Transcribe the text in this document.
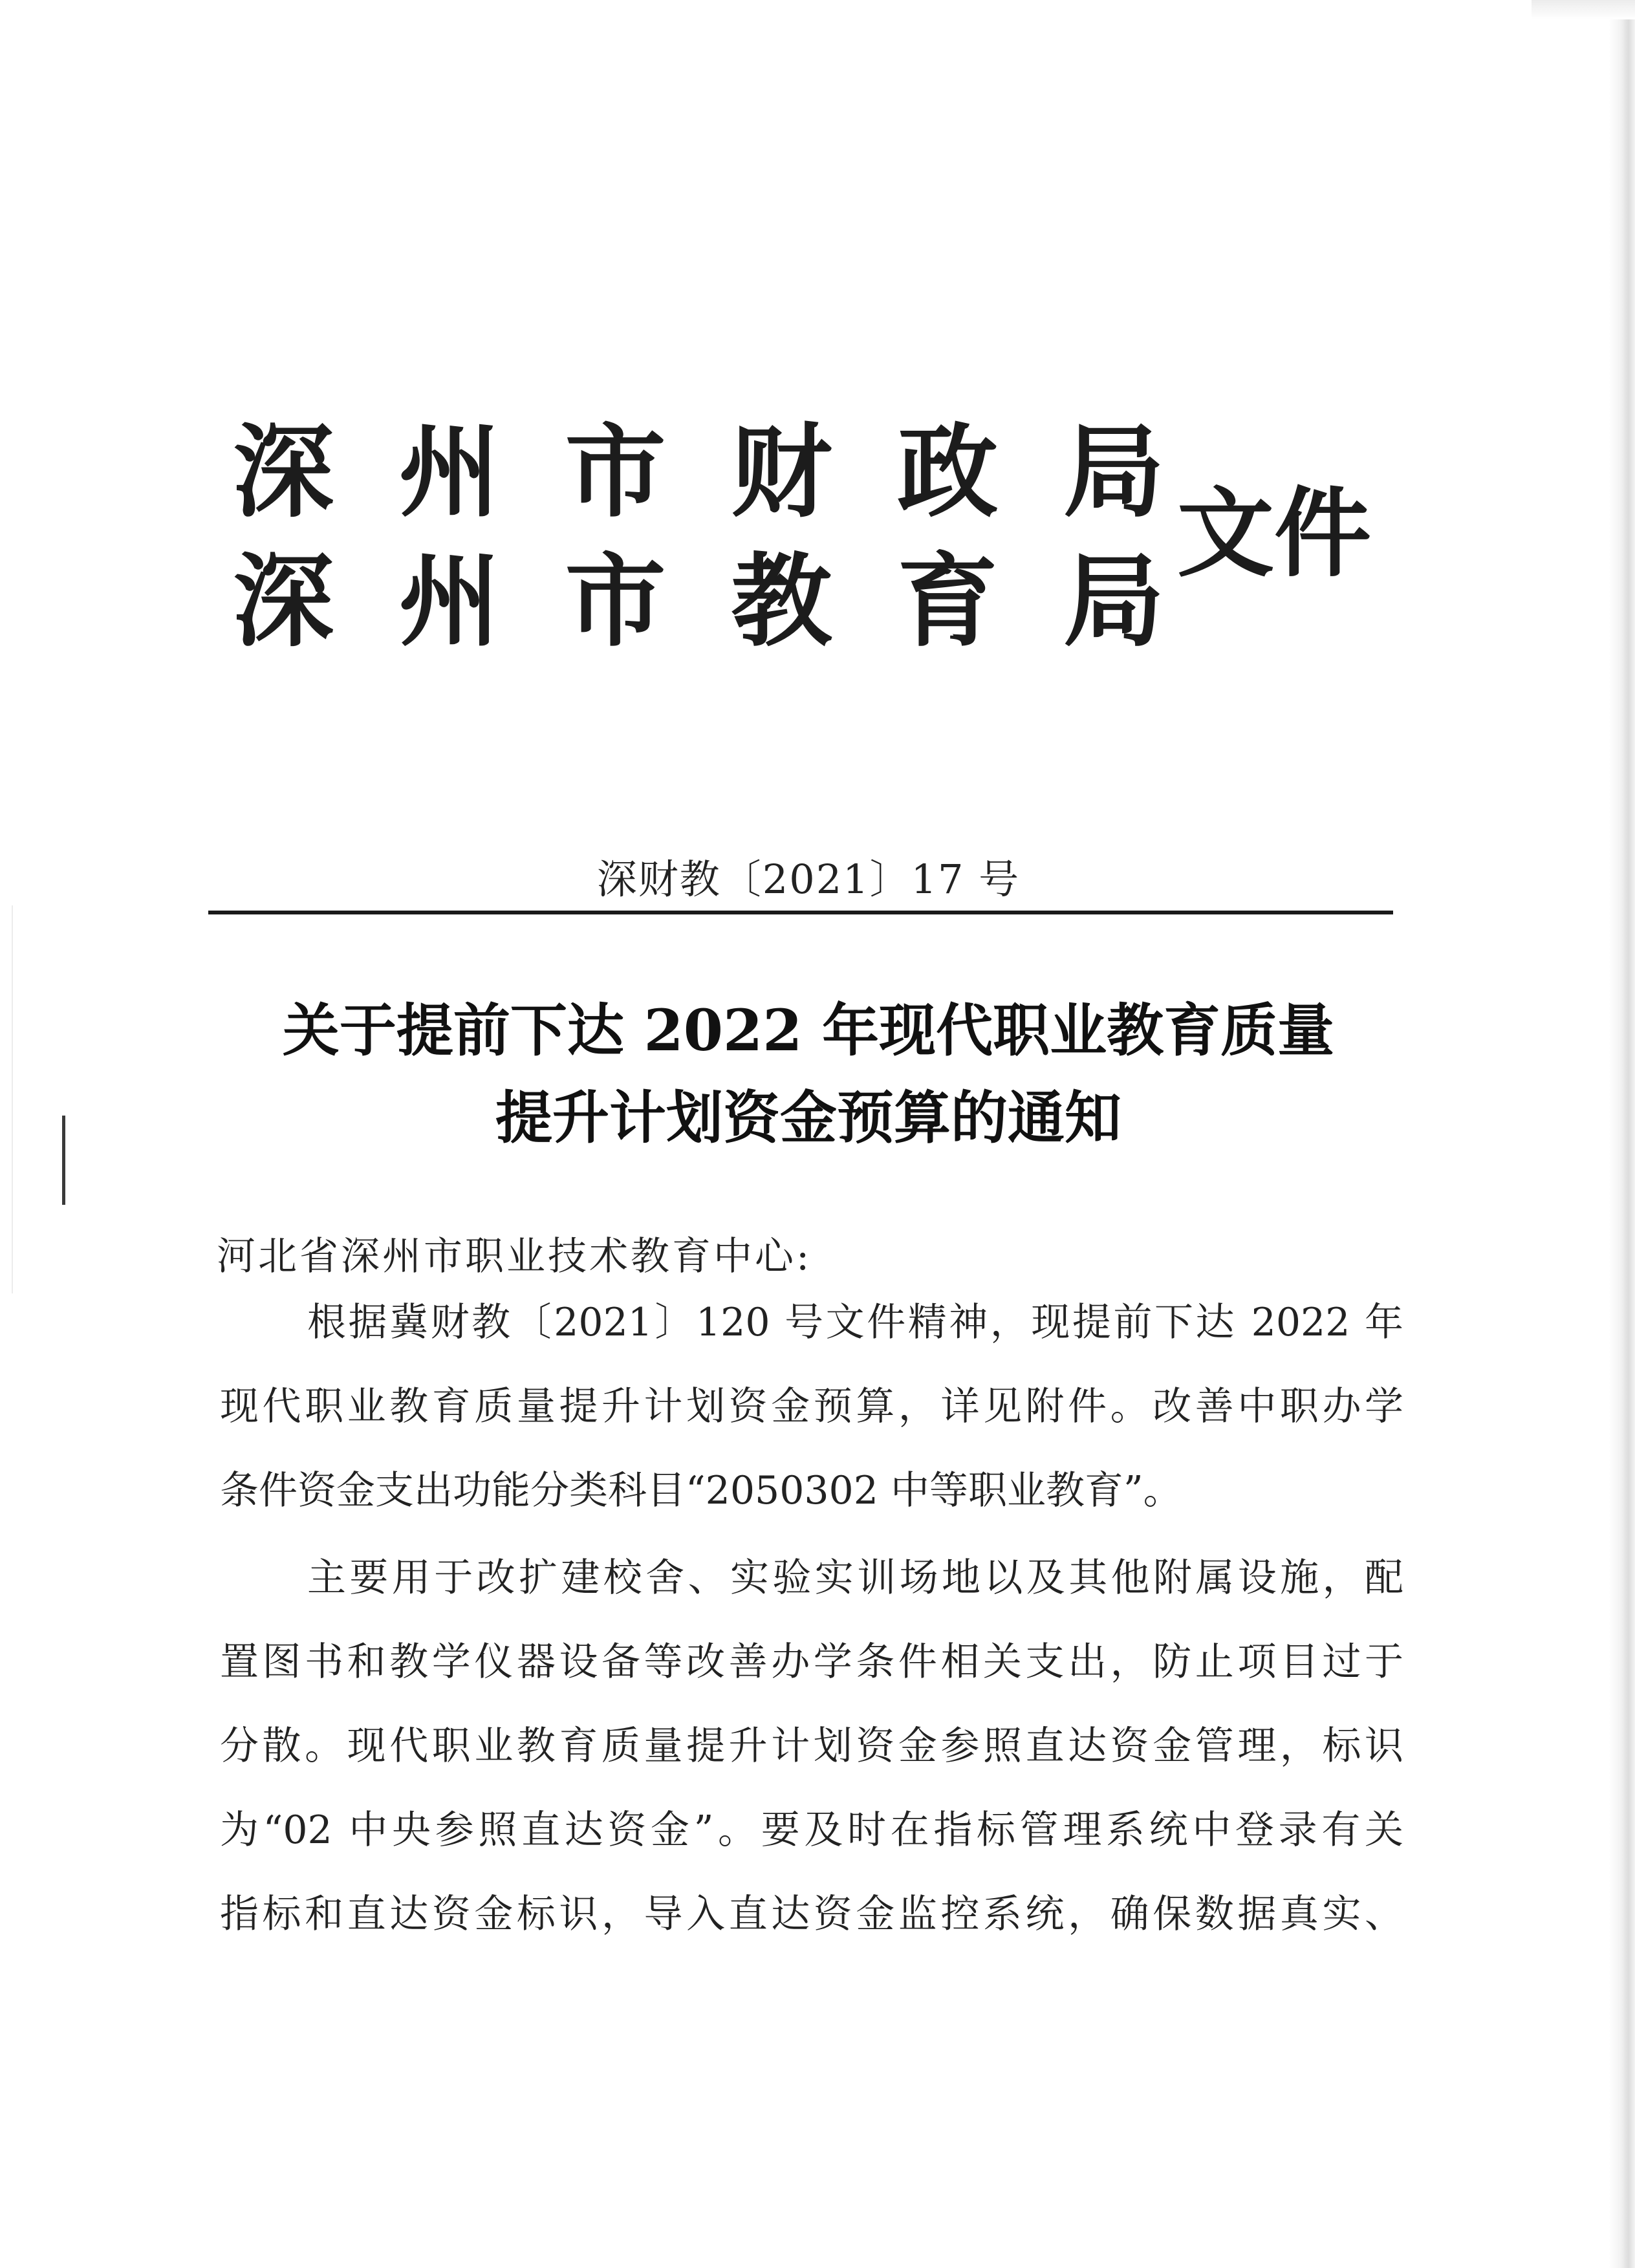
深 州 市 财 政 局
深 州 市 教 育 局
文件
深财教〔2021〕17 号
关于提前下达 2022 年现代职业教育质量
提升计划资金预算的通知
河北省深州市职业技术教育中心:
根据冀财教〔2021〕120 号文件精神，现提前下达 2022 年
现代职业教育质量提升计划资金预算，详见附件。改善中职办学
条件资金支出功能分类科目“2050302 中等职业教育”。
主要用于改扩建校舍、实验实训场地以及其他附属设施，配
置图书和教学仪器设备等改善办学条件相关支出，防止项目过于
分散。现代职业教育质量提升计划资金参照直达资金管理，标识
为“02 中央参照直达资金”。要及时在指标管理系统中登录有关
指标和直达资金标识，导入直达资金监控系统，确保数据真实、
